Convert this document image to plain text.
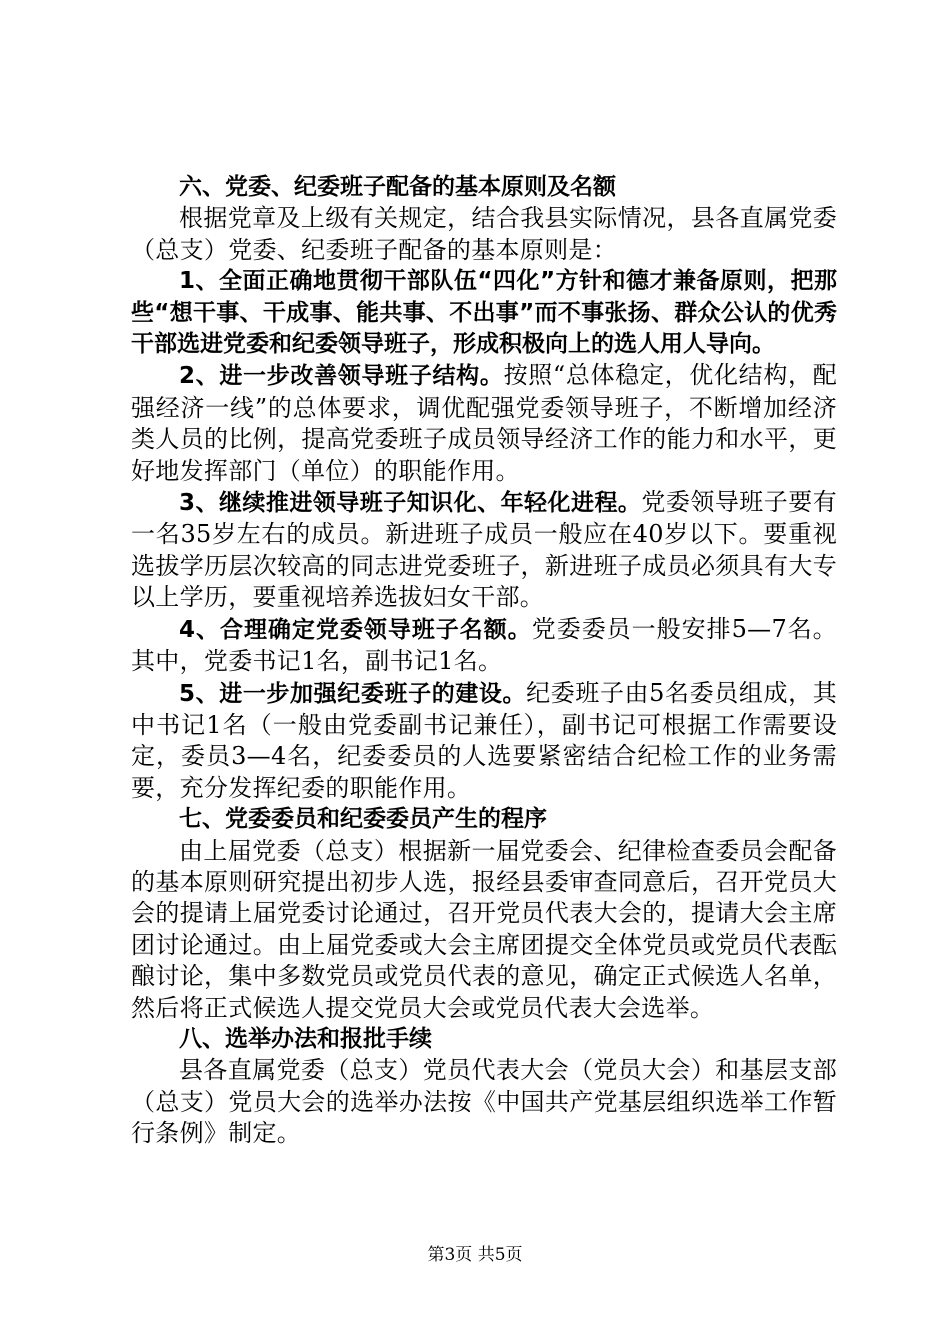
六、党委、纪委班子配备的基本原则及名额

根据党章及上级有关规定，结合我县实际情况，县各直属党委（总支）党委、纪委班子配备的基本原则是：

1、全面正确地贯彻干部队伍“四化”方针和德才兼备原则，把那些“想干事、干成事、能共事、不出事”而不事张扬、群众公认的优秀干部选进党委和纪委领导班子，形成积极向上的选人用人导向。

2、进一步改善领导班子结构。按照“总体稳定，优化结构，配强经济一线”的总体要求，调优配强党委领导班子，不断增加经济类人员的比例，提高党委班子成员领导经济工作的能力和水平，更好地发挥部门（单位）的职能作用。

3、继续推进领导班子知识化、年轻化进程。党委领导班子要有一名35岁左右的成员。新进班子成员一般应在40岁以下。要重视选拔学历层次较高的同志进党委班子，新进班子成员必须具有大专以上学历，要重视培养选拔妇女干部。

4、合理确定党委领导班子名额。党委委员一般安排5—7名。其中，党委书记1名，副书记1名。

5、进一步加强纪委班子的建设。纪委班子由5名委员组成，其中书记1名（一般由党委副书记兼任），副书记可根据工作需要设定，委员3—4名，纪委委员的人选要紧密结合纪检工作的业务需要，充分发挥纪委的职能作用。

七、党委委员和纪委委员产生的程序

由上届党委（总支）根据新一届党委会、纪律检查委员会配备的基本原则研究提出初步人选，报经县委审查同意后，召开党员大会的提请上届党委讨论通过，召开党员代表大会的，提请大会主席团讨论通过。由上届党委或大会主席团提交全体党员或党员代表酝酿讨论，集中多数党员或党员代表的意见，确定正式候选人名单，然后将正式候选人提交党员大会或党员代表大会选举。

八、选举办法和报批手续

县各直属党委（总支）党员代表大会（党员大会）和基层支部（总支）党员大会的选举办法按《中国共产党基层组织选举工作暂行条例》制定。

第3页 共5页
